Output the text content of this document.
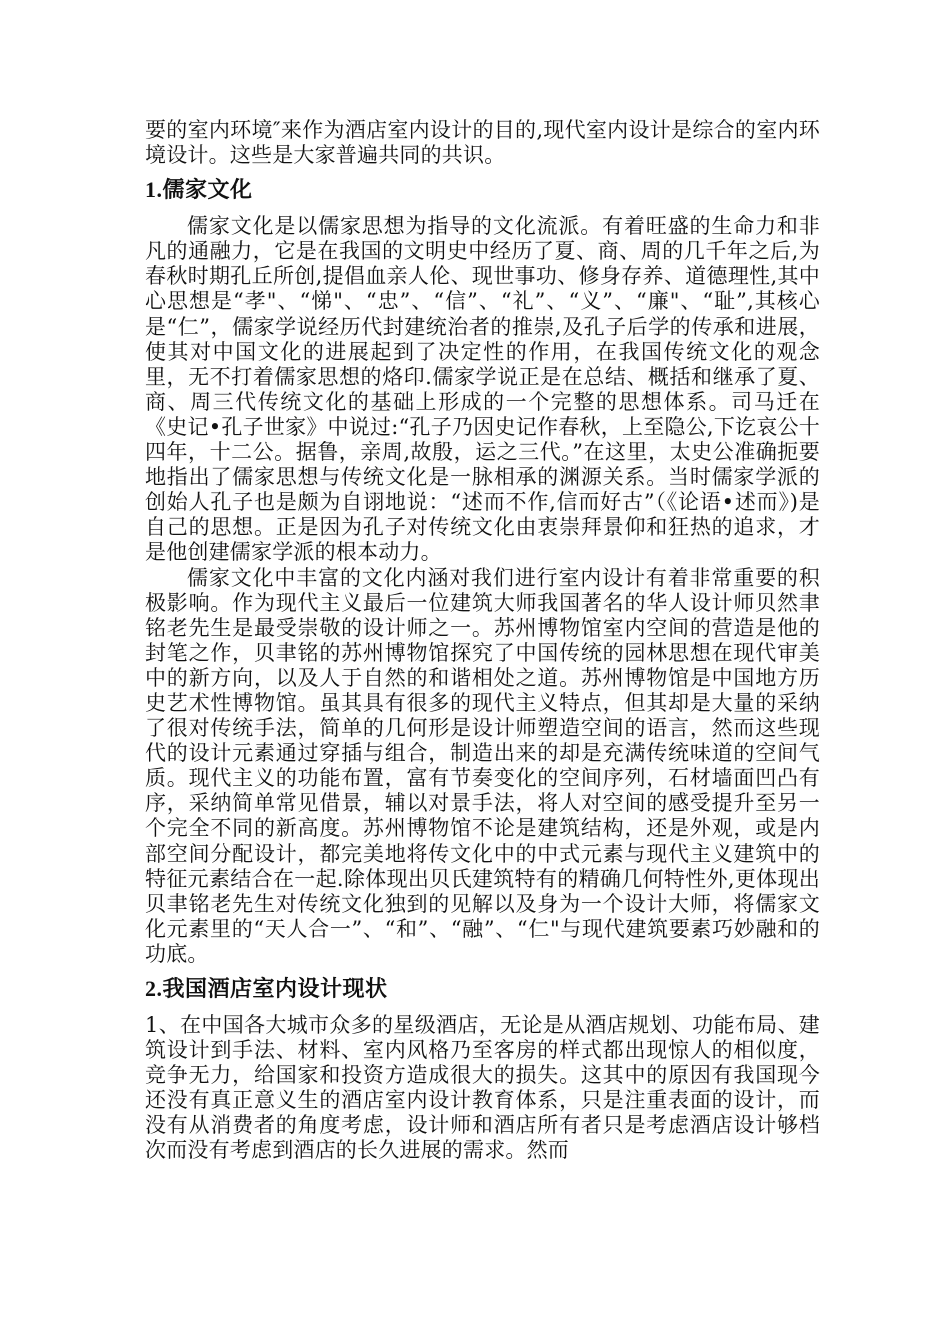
要的室内环境″来作为酒店室内设计的目的,现代室内设计是综合的室内环境设计。这些是大家普遍共同的共识。

1.儒家文化

儒家文化是以儒家思想为指导的文化流派。有着旺盛的生命力和非凡的通融力，它是在我国的文明史中经历了夏、商、周的几千年之后,为春秋时期孔丘所创,提倡血亲人伦、现世事功、修身存养、道德理性,其中心思想是“孝"、“悌"、“忠”、“信”、“礼”、“义”、“廉"、“耻”,其核心是“仁”，儒家学说经历代封建统治者的推崇,及孔子后学的传承和进展，使其对中国文化的进展起到了决定性的作用，在我国传统文化的观念里，无不打着儒家思想的烙印.儒家学说正是在总结、概括和继承了夏、商、周三代传统文化的基础上形成的一个完整的思想体系。司马迁在《史记•孔子世家》中说过:“孔子乃因史记作春秋，上至隐公,下讫哀公十四年，十二公。据鲁，亲周,故殷，运之三代。”在这里，太史公准确扼要地指出了儒家思想与传统文化是一脉相承的渊源关系。当时儒家学派的创始人孔子也是颇为自诩地说：“述而不作,信而好古”（《论语•述而》)是自己的思想。正是因为孔子对传统文化由衷崇拜景仰和狂热的追求，才是他创建儒家学派的根本动力。

儒家文化中丰富的文化内涵对我们进行室内设计有着非常重要的积极影响。作为现代主义最后一位建筑大师我国著名的华人设计师贝然聿铭老先生是最受崇敬的设计师之一。苏州博物馆室内空间的营造是他的封笔之作，贝聿铭的苏州博物馆探究了中国传统的园林思想在现代审美中的新方向，以及人于自然的和谐相处之道。苏州博物馆是中国地方历史艺术性博物馆。虽其具有很多的现代主义特点，但其却是大量的采纳了很对传统手法，简单的几何形是设计师塑造空间的语言，然而这些现代的设计元素通过穿插与组合，制造出来的却是充满传统味道的空间气质。现代主义的功能布置，富有节奏变化的空间序列，石材墙面凹凸有序，采纳简单常见借景，辅以对景手法，将人对空间的感受提升至另一个完全不同的新高度。苏州博物馆不论是建筑结构，还是外观，或是内部空间分配设计，都完美地将传文化中的中式元素与现代主义建筑中的特征元素结合在一起.除体现出贝氏建筑特有的精确几何特性外,更体现出贝聿铭老先生对传统文化独到的见解以及身为一个设计大师，将儒家文化元素里的“天人合一”、“和”、“融”、“仁"与现代建筑要素巧妙融和的功底。

2.我国酒店室内设计现状

1、在中国各大城市众多的星级酒店，无论是从酒店规划、功能布局、建筑设计到手法、材料、室内风格乃至客房的样式都出现惊人的相似度，竞争无力，给国家和投资方造成很大的损失。这其中的原因有我国现今还没有真正意义生的酒店室内设计教育体系，只是注重表面的设计，而没有从消费者的角度考虑，设计师和酒店所有者只是考虑酒店设计够档次而没有考虑到酒店的长久进展的需求。然而
